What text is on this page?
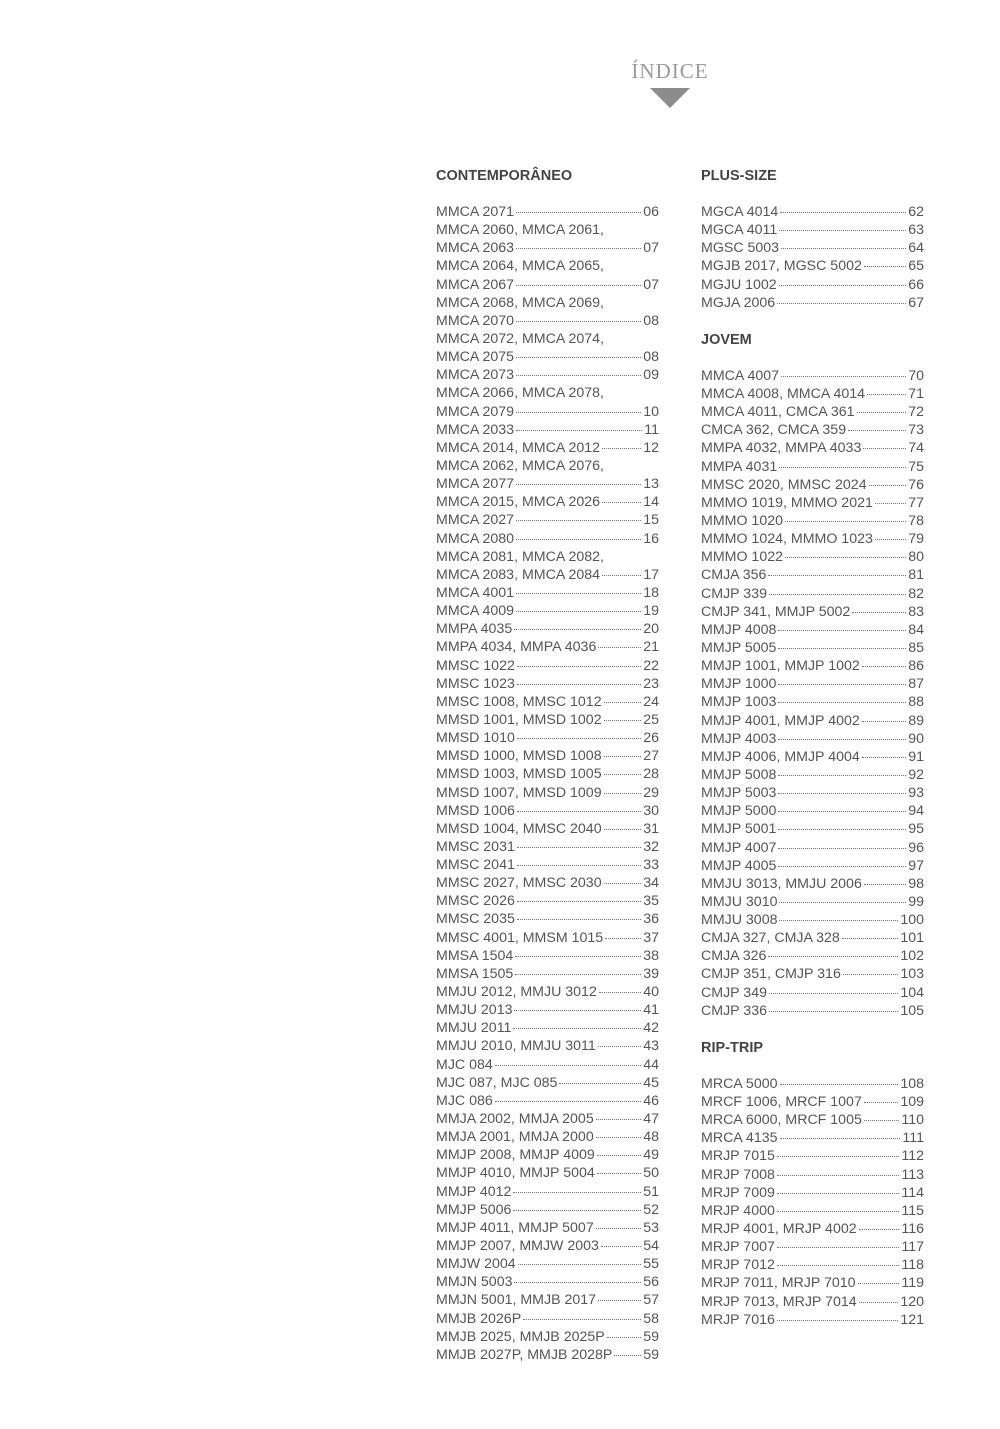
ÍNDICE
CONTEMPORÂNEO
MMCA 2071	06
MMCA 2060, MMCA 2061,
MMCA 2063	07
MMCA 2064, MMCA 2065,
MMCA 2067	07
MMCA 2068, MMCA 2069,
MMCA 2070	08
MMCA 2072, MMCA 2074,
MMCA 2075	08
MMCA 2073	09
MMCA 2066, MMCA 2078,
MMCA 2079	10
MMCA 2033	11
MMCA 2014, MMCA 2012	12
MMCA 2062, MMCA 2076,
MMCA 2077	13
MMCA 2015, MMCA 2026	14
MMCA 2027	15
MMCA 2080	16
MMCA 2081, MMCA 2082,
MMCA 2083, MMCA 2084	17
MMCA 4001	18
MMCA 4009	19
MMPA 4035	20
MMPA 4034, MMPA 4036	21
MMSC 1022	22
MMSC 1023	23
MMSC 1008, MMSC 1012	24
MMSD 1001, MMSD 1002	25
MMSD 1010	26
MMSD 1000, MMSD 1008	27
MMSD 1003, MMSD 1005	28
MMSD 1007, MMSD 1009	29
MMSD 1006	30
MMSD 1004, MMSC 2040	31
MMSC 2031	32
MMSC 2041	33
MMSC 2027, MMSC 2030	34
MMSC 2026	35
MMSC 2035	36
MMSC 4001, MMSM 1015	37
MMSA 1504	38
MMSA 1505	39
MMJU 2012, MMJU 3012	40
MMJU 2013	41
MMJU 2011	42
MMJU 2010, MMJU 3011	43
MJC 084	44
MJC 087, MJC 085	45
MJC 086	46
MMJA 2002, MMJA 2005	47
MMJA 2001, MMJA 2000	48
MMJP 2008, MMJP 4009	49
MMJP 4010, MMJP 5004	50
MMJP 4012	51
MMJP 5006	52
MMJP 4011, MMJP 5007	53
MMJP 2007, MMJW 2003	54
MMJW 2004	55
MMJN 5003	56
MMJN 5001, MMJB 2017	57
MMJB 2026P	58
MMJB 2025, MMJB 2025P	59
MMJB 2027P, MMJB 2028P 59
PLUS-SIZE
MGCA 4014	62
MGCA 4011	63
MGSC 5003	64
MGJB 2017, MGSC 5002	65
MGJU 1002	66
MGJA 2006	67
JOVEM
MMCA 4007	70
MMCA 4008, MMCA 4014	71
MMCA 4011, CMCA 361	72
CMCA 362, CMCA 359	73
MMPA 4032, MMPA 4033	74
MMPA 4031	75
MMSC 2020, MMSC 2024	76
MMMO 1019, MMMO 2021 77
MMMO 1020	78
MMMO 1024, MMMO 1023 79
MMMO 1022	80
CMJA 356	81
CMJP 339	82
CMJP 341, MMJP 5002	83
MMJP 4008	84
MMJP 5005	85
MMJP 1001, MMJP 1002	86
MMJP 1000	87
MMJP 1003	88
MMJP 4001, MMJP 4002	89
MMJP 4003	90
MMJP 4006, MMJP 4004	91
MMJP 5008	92
MMJP 5003	93
MMJP 5000	94
MMJP 5001	95
MMJP 4007	96
MMJP 4005	97
MMJU 3013, MMJU 2006	98
MMJU 3010	99
MMJU 3008	100
CMJA 327, CMJA 328	101
CMJA 326	102
CMJP 351, CMJP 316	103
CMJP 349	104
CMJP 336	105
RIP-TRIP
MRCA 5000	108
MRCF 1006, MRCF 1007	109
MRCA 6000, MRCF 1005	110
MRCA 4135	111
MRJP 7015	112
MRJP 7008	113
MRJP 7009	114
MRJP 4000	115
MRJP 4001, MRJP 4002	116
MRJP 7007	117
MRJP 7012	118
MRJP 7011, MRJP 7010	119
MRJP 7013, MRJP 7014	120
MRJP 7016	121
